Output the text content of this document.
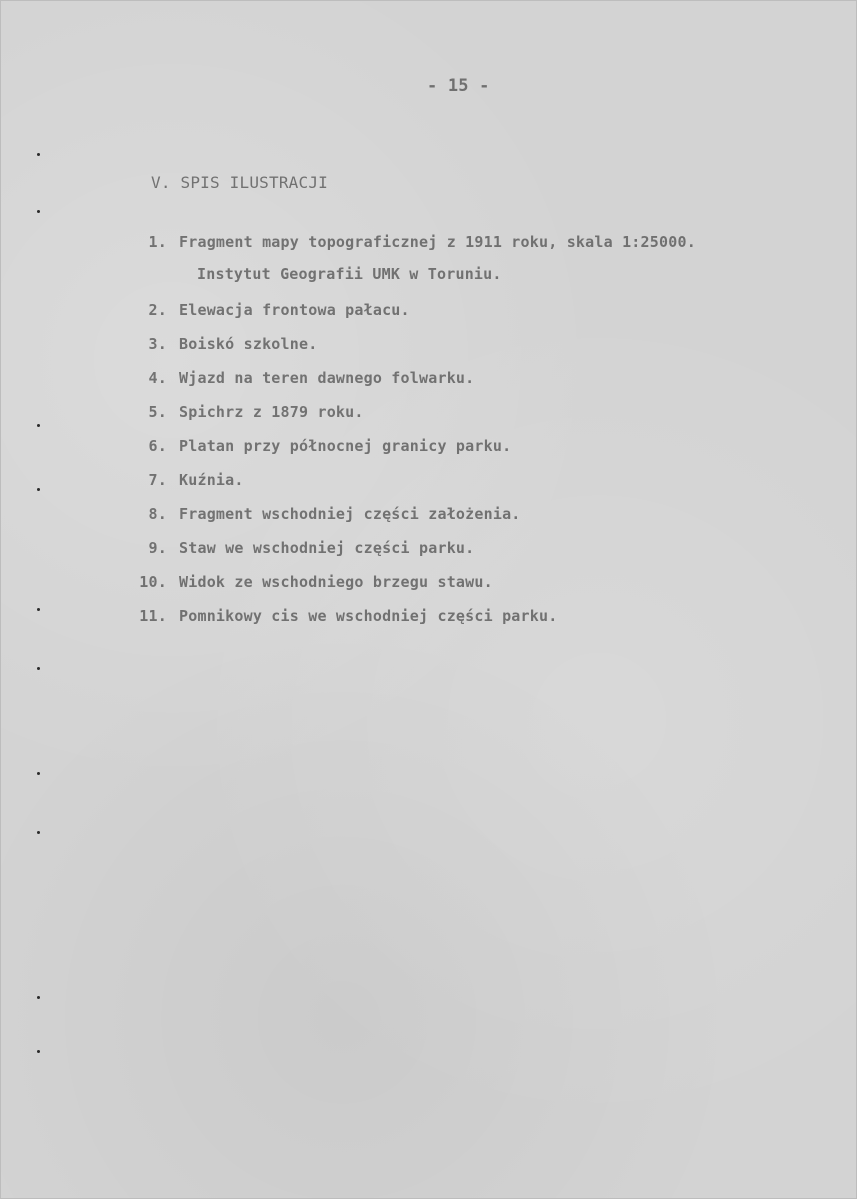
- 15 -
V. SPIS ILUSTRACJI
1. Fragment mapy topograficznej z 1911 roku, skala 1:25000.
Instytut Geografii UMK w Toruniu.
2. Elewacja frontowa pałacu.
3. Boiskó szkolne.
4. Wjazd na teren dawnego folwarku.
5. Spichrz z 1879 roku.
6. Platan przy północnej granicy parku.
7. Kuźnia.
8. Fragment wschodniej części założenia.
9. Staw we wschodniej części parku.
10. Widok ze wschodniego brzegu stawu.
11. Pomnikowy cis we wschodniej części parku.
